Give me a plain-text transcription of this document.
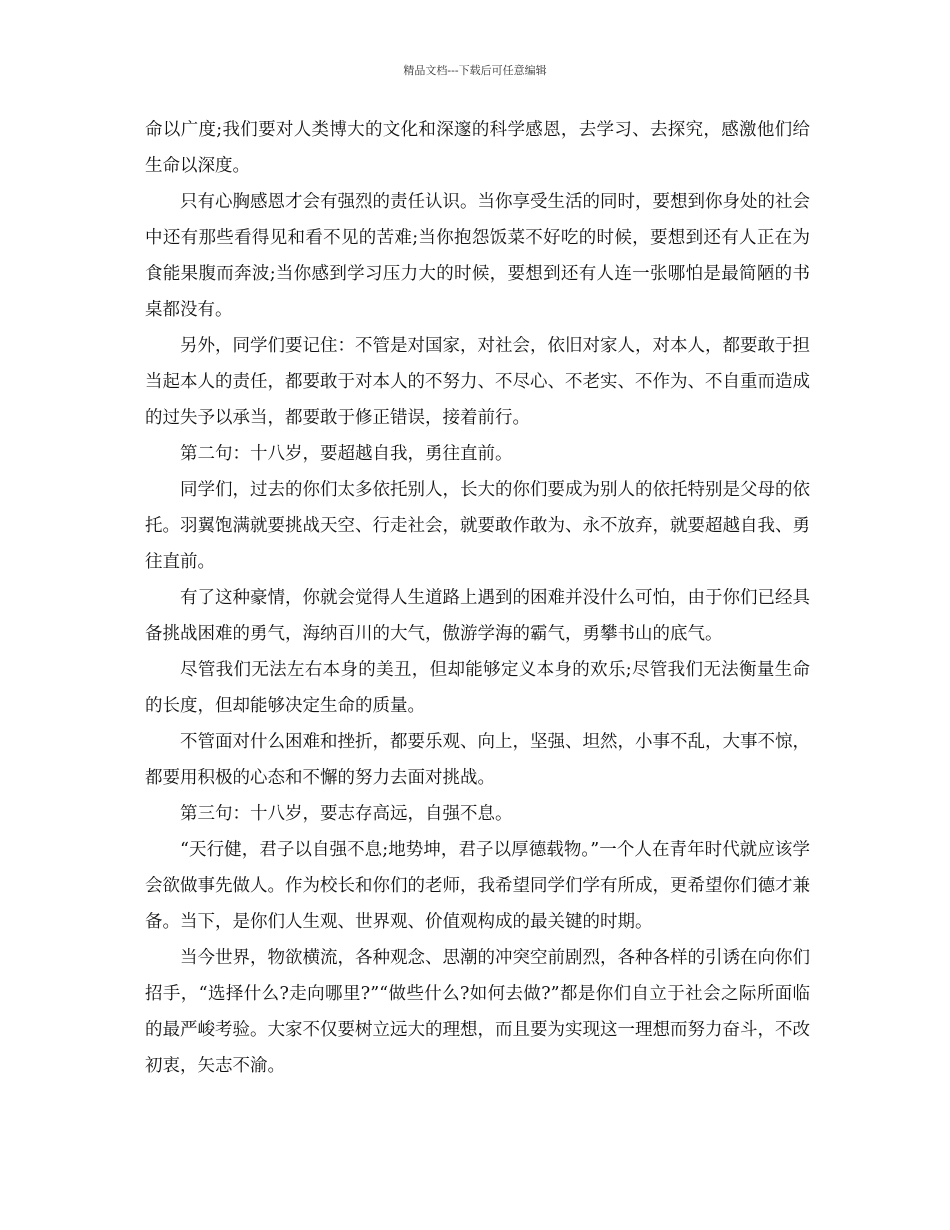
精品文档---下载后可任意编辑

命以广度;我们要对人类博大的文化和深邃的科学感恩，去学习、去探究，感激他们给生命以深度。

只有心胸感恩才会有强烈的责任认识。当你享受生活的同时，要想到你身处的社会中还有那些看得见和看不见的苦难;当你抱怨饭菜不好吃的时候，要想到还有人正在为食能果腹而奔波;当你感到学习压力大的时候，要想到还有人连一张哪怕是最简陋的书桌都没有。

另外，同学们要记住：不管是对国家，对社会，依旧对家人，对本人，都要敢于担当起本人的责任，都要敢于对本人的不努力、不尽心、不老实、不作为、不自重而造成的过失予以承当，都要敢于修正错误，接着前行。

第二句：十八岁，要超越自我，勇往直前。

同学们，过去的你们太多依托别人，长大的你们要成为别人的依托特别是父母的依托。羽翼饱满就要挑战天空、行走社会，就要敢作敢为、永不放弃，就要超越自我、勇往直前。

有了这种豪情，你就会觉得人生道路上遇到的困难并没什么可怕，由于你们已经具备挑战困难的勇气，海纳百川的大气，傲游学海的霸气，勇攀书山的底气。

尽管我们无法左右本身的美丑，但却能够定义本身的欢乐;尽管我们无法衡量生命的长度，但却能够决定生命的质量。

不管面对什么困难和挫折，都要乐观、向上，坚强、坦然，小事不乱，大事不惊，都要用积极的心态和不懈的努力去面对挑战。

第三句：十八岁，要志存高远，自强不息。

“天行健，君子以自强不息;地势坤，君子以厚德载物。”一个人在青年时代就应该学会欲做事先做人。作为校长和你们的老师，我希望同学们学有所成，更希望你们德才兼备。当下，是你们人生观、世界观、价值观构成的最关键的时期。

当今世界，物欲横流，各种观念、思潮的冲突空前剧烈，各种各样的引诱在向你们招手，“选择什么?走向哪里?”“做些什么?如何去做?”都是你们自立于社会之际所面临的最严峻考验。大家不仅要树立远大的理想，而且要为实现这一理想而努力奋斗，不改初衷，矢志不渝。
